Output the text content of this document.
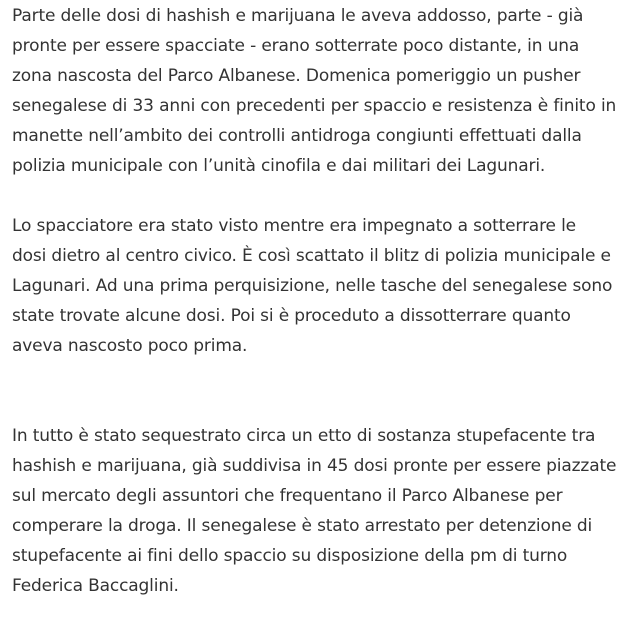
Parte delle dosi di hashish e marijuana le aveva addosso, parte - già
pronte per essere spacciate - erano sotterrate poco distante, in una
zona nascosta del Parco Albanese. Domenica pomeriggio un pusher
senegalese di 33 anni con precedenti per spaccio e resistenza è finito in
manette nell’ambito dei controlli antidroga congiunti effettuati dalla
polizia municipale con l’unità cinofila e dai militari dei Lagunari.
Lo spacciatore era stato visto mentre era impegnato a sotterrare le
dosi dietro al centro civico. È così scattato il blitz di polizia municipale e
Lagunari. Ad una prima perquisizione, nelle tasche del senegalese sono
state trovate alcune dosi. Poi si è proceduto a dissotterrare quanto
aveva nascosto poco prima.
In tutto è stato sequestrato circa un etto di sostanza stupefacente tra
hashish e marijuana, già suddivisa in 45 dosi pronte per essere piazzate
sul mercato degli assuntori che frequentano il Parco Albanese per
comperare la droga. Il senegalese è stato arrestato per detenzione di
stupefacente ai fini dello spaccio su disposizione della pm di turno
Federica Baccaglini.
